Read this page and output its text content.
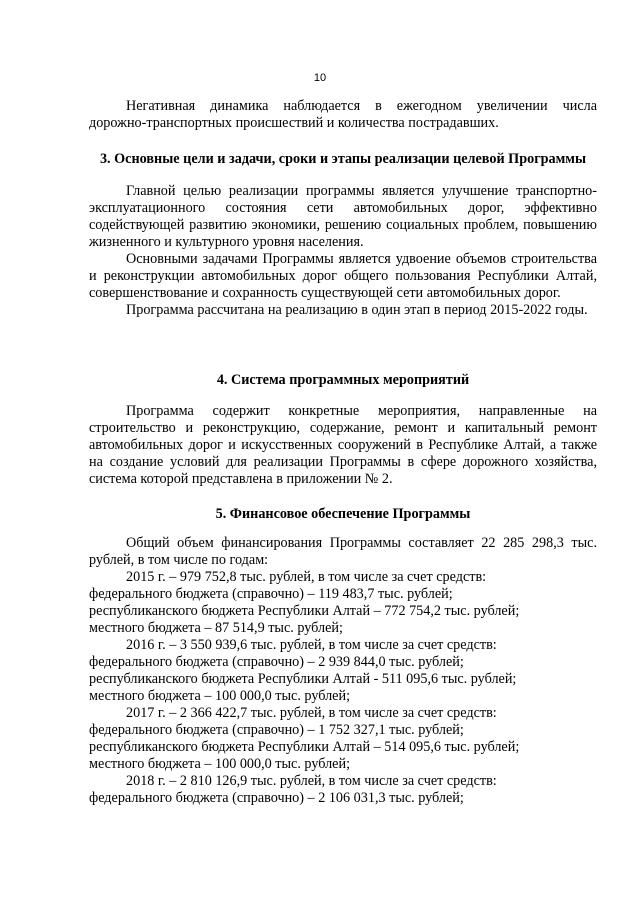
10

Негативная динамика наблюдается в ежегодном увеличении числа

дорожно-транспортных происшествий и количества пострадавших.

3. Основные цели и задачи, сроки и этапы реализации целевой Программы

Главной целью реализации программы является улучшение транспортно-эксплуатационного состояния сети автомобильных дорог, эффективно содействующей развитию экономики, решению социальных проблем, повышению жизненного и культурного уровня населения.

Основными задачами Программы является удвоение объемов строительства и реконструкции автомобильных дорог общего пользования Республики Алтай, совершенствование и сохранность существующей сети автомобильных дорог.

Программа рассчитана на реализацию в один этап в период 2015-2022 годы.

4. Система программных мероприятий

Программа содержит конкретные мероприятия, направленные на строительство и реконструкцию, содержание, ремонт и капитальный ремонт автомобильных дорог и искусственных сооружений в Республике Алтай, а также на создание условий для реализации Программы в сфере дорожного хозяйства, система которой представлена в приложении № 2.

5. Финансовое обеспечение Программы

Общий объем финансирования Программы составляет 22 285 298,3 тыс.

рублей, в том числе по годам:
2015 г. – 979 752,8 тыс. рублей, в том числе за счет средств:
федерального бюджета (справочно) – 119 483,7 тыс. рублей;
республиканского бюджета Республики Алтай – 772 754,2 тыс. рублей;
местного бюджета – 87 514,9 тыс. рублей;
2016 г. – 3 550 939,6 тыс. рублей, в том числе за счет средств:
федерального бюджета (справочно) – 2 939 844,0 тыс. рублей;
республиканского бюджета Республики Алтай - 511 095,6 тыс. рублей;
местного бюджета – 100 000,0 тыс. рублей;
2017 г. – 2 366 422,7 тыс. рублей, в том числе за счет средств:
федерального бюджета (справочно) – 1 752 327,1 тыс. рублей;
республиканского бюджета Республики Алтай – 514 095,6 тыс. рублей;
местного бюджета – 100 000,0 тыс. рублей;
2018 г. – 2 810 126,9 тыс. рублей, в том числе за счет средств:
федерального бюджета (справочно) – 2 106 031,3 тыс. рублей;
